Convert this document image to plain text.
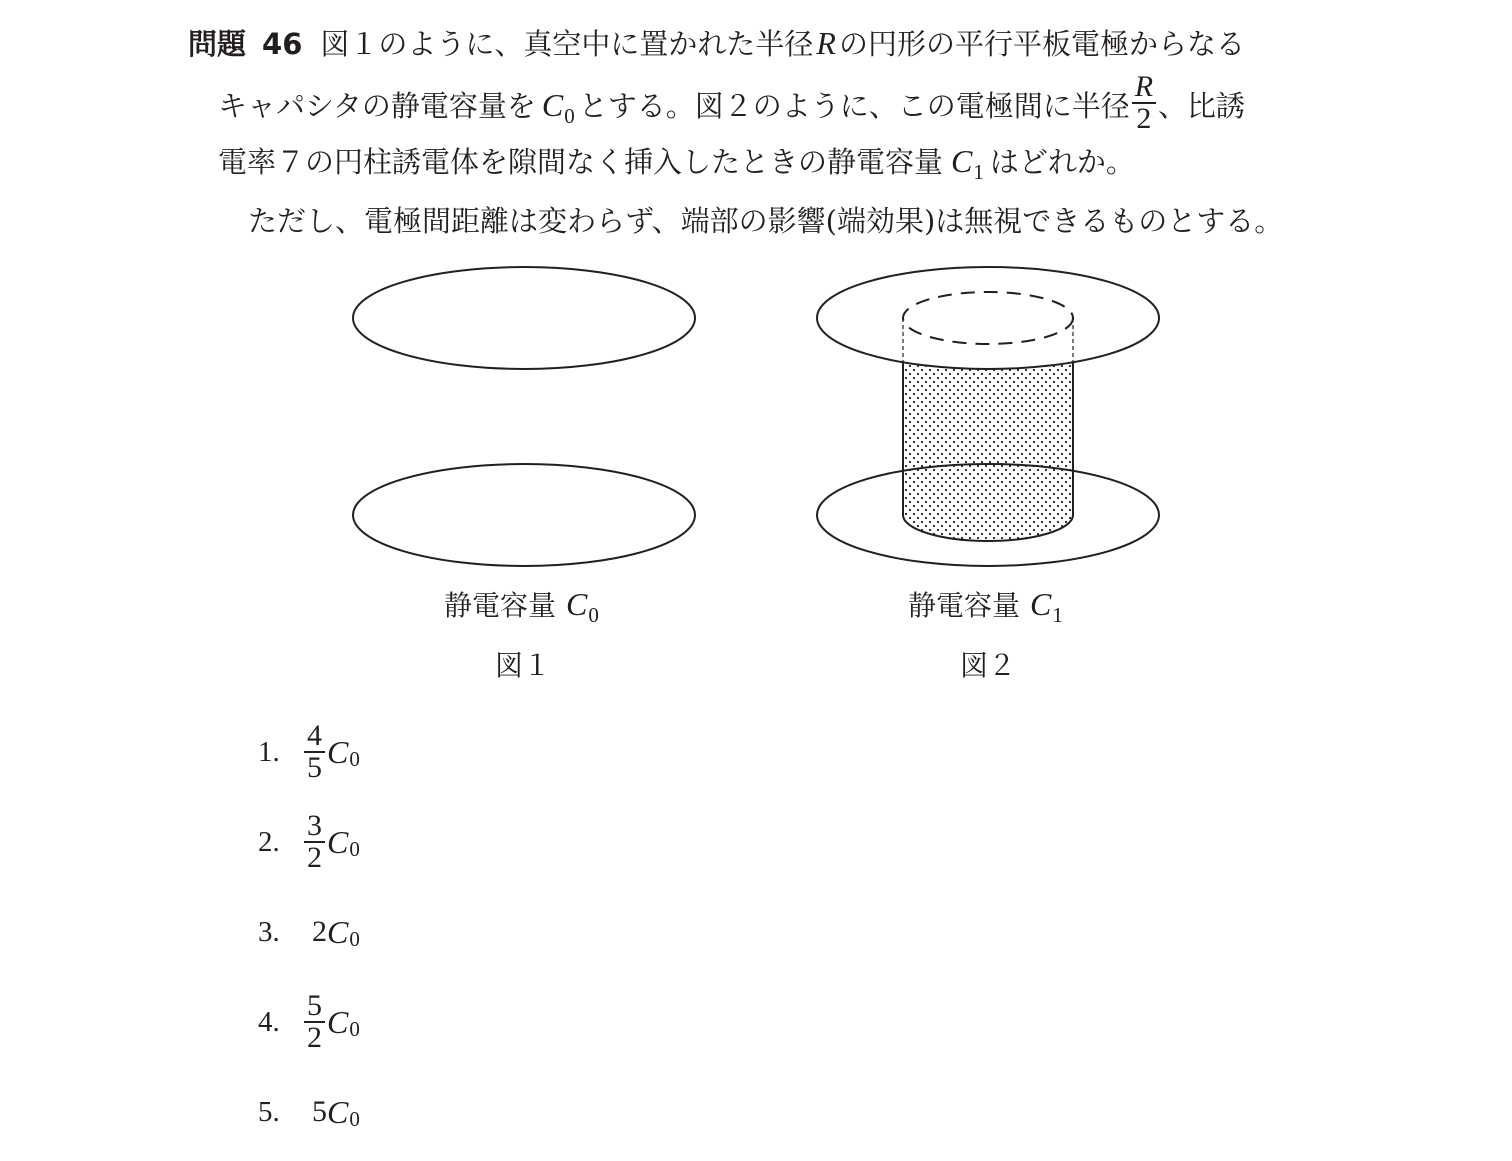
問題 46 図１のように、真空中に置かれた半径R の円形の平行平板電極からなる
キャパシタの静電容量を $C_0$ とする。図２のように、この電極間に半径 $\frac{R}{2}$ 、比誘
電率７の円柱誘電体を隙間なく挿入したときの静電容量 $C_1$ はどれか。
ただし、電極間距離は変わらず、端部の影響(端効果)は無視できるものとする。
静電容量 $C_0$
図１
静電容量 $C_1$
図２
1. $\frac{4}{5}$ C 0
2. $\frac{3}{2}$ C 0
3.	2 C 0
4. $\frac{5}{2}$ C 0
5.	5 C 0
